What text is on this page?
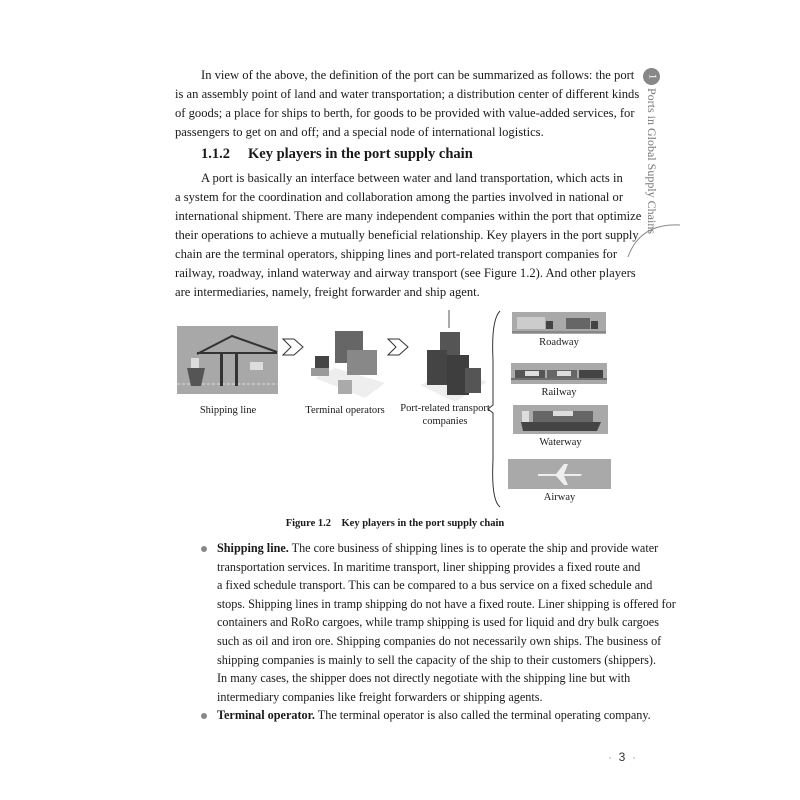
1
Ports in Global Supply Chains
In view of the above, the definition of the port can be summarized as follows: the port
is an assembly point of land and water transportation; a distribution center of different kinds
of goods; a place for ships to berth, for goods to be provided with value-added services, for
passengers to get on and off; and a special node of international logistics.
1.1.2 Key players in the port supply chain
A port is basically an interface between water and land transportation, which acts in
a system for the coordination and collaboration among the parties involved in national or
international shipment. There are many independent companies within the port that optimize
their operations to achieve a mutually beneficial relationship. Key players in the port supply
chain are the terminal operators, shipping lines and port-related transport companies for
railway, roadway, inland waterway and airway transport (see Figure 1.2). And other players
are intermediaries, namely, freight forwarder and ship agent.
Shipping line	Terminal operators	Port-related transport
companies
Roadway
Railway
Waterway
Airway
Figure 1.2    Key players in the port supply chain
Shipping line. The core business of shipping lines is to operate the ship and provide water
transportation services. In maritime transport, liner shipping provides a fixed route and
a fixed schedule transport. This can be compared to a bus service on a fixed schedule and
stops. Shipping lines in tramp shipping do not have a fixed route. Liner shipping is offered for
containers and RoRo cargoes, while tramp shipping is used for liquid and dry bulk cargoes
such as oil and iron ore. Shipping companies do not necessarily own ships. The business of
shipping companies is mainly to sell the capacity of the ship to their customers (shippers).
In many cases, the shipper does not directly negotiate with the shipping line but with
intermediary companies like freight forwarders or shipping agents.
Terminal operator. The terminal operator is also called the terminal operating company.
·  3  ·
